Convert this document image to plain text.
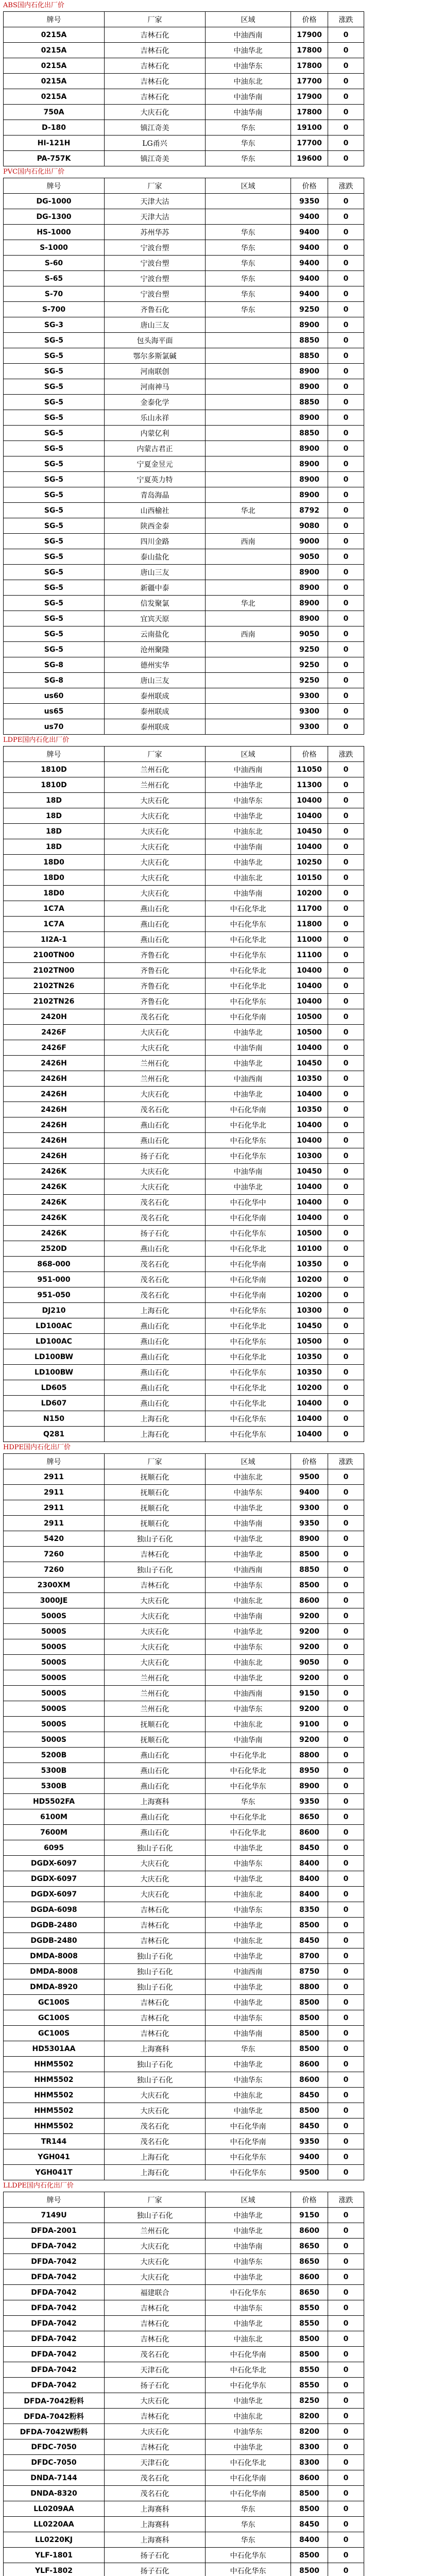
ABS国内石化出厂价
牌号	厂家	区域	价格	涨跌
0215A	吉林石化	中油西南	17900	0
0215A	吉林石化	中油华北	17800	0
0215A	吉林石化	中油华东	17800	0
0215A	吉林石化	中油东北	17700	0
0215A	吉林石化	中油华南	17900	0
750A	大庆石化	中油华南	17800	0
D-180	镇江奇美	华东	19100	0
HI-121H	LG甬兴	华东	17700	0
PA-757K	镇江奇美	华东	19600	0
PVC国内石化出厂价
牌号	厂家	区域	价格	涨跌
DG-1000	天津大沽		9350	0
DG-1300	天津大沽		9400	0
HS-1000	苏州华苏	华东	9400	0
S-1000	宁波台塑	华东	9400	0
S-60	宁波台塑	华东	9400	0
S-65	宁波台塑	华东	9400	0
S-70	宁波台塑	华东	9400	0
S-700	齐鲁石化	华东	9250	0
SG-3	唐山三友		8900	0
SG-5	包头海平面		8850	0
SG-5	鄂尔多斯氯碱		8850	0
SG-5	河南联创		8900	0
SG-5	河南神马		8900	0
SG-5	金泰化学		8850	0
SG-5	乐山永祥		8900	0
SG-5	内蒙亿利		8850	0
SG-5	内蒙古君正		8900	0
SG-5	宁夏金昱元		8900	0
SG-5	宁夏英力特		8900	0
SG-5	青岛海晶		8900	0
SG-5	山西榆社	华北	8792	0
SG-5	陕西金泰		9080	0
SG-5	四川金路	西南	9000	0
SG-5	泰山盐化		9050	0
SG-5	唐山三友		8900	0
SG-5	新疆中泰		8900	0
SG-5	信发聚氯	华北	8900	0
SG-5	宜宾天原		8900	0
SG-5	云南盐化	西南	9050	0
SG-5	沧州聚隆		9250	0
SG-8	德州实华		9250	0
SG-8	唐山三友		9250	0
us60	泰州联成		9300	0
us65	泰州联成		9300	0
us70	泰州联成		9300	0
LDPE国内石化出厂价
牌号	厂家	区域	价格	涨跌
1810D	兰州石化	中油西南	11050	0
1810D	兰州石化	中油华北	11300	0
18D	大庆石化	中油华东	10400	0
18D	大庆石化	中油华北	10400	0
18D	大庆石化	中油东北	10450	0
18D	大庆石化	中油华南	10400	0
18D0	大庆石化	中油华北	10250	0
18D0	大庆石化	中油东北	10150	0
18D0	大庆石化	中油华南	10200	0
1C7A	燕山石化	中石化华北	11700	0
1C7A	燕山石化	中石化华东	11800	0
1I2A-1	燕山石化	中石化华北	11000	0
2100TN00	齐鲁石化	中石化华东	11100	0
2102TN00	齐鲁石化	中石化华北	10400	0
2102TN26	齐鲁石化	中石化华北	10400	0
2102TN26	齐鲁石化	中石化华东	10400	0
2420H	茂名石化	中石化华南	10500	0
2426F	大庆石化	中油华北	10500	0
2426F	大庆石化	中油华南	10400	0
2426H	兰州石化	中油华北	10450	0
2426H	兰州石化	中油西南	10350	0
2426H	大庆石化	中油华北	10400	0
2426H	茂名石化	中石化华南	10350	0
2426H	燕山石化	中石化华北	10400	0
2426H	燕山石化	中石化华东	10400	0
2426H	扬子石化	中石化华东	10300	0
2426K	大庆石化	中油华南	10450	0
2426K	大庆石化	中油华北	10400	0
2426K	茂名石化	中石化华中	10400	0
2426K	茂名石化	中石化华南	10400	0
2426K	扬子石化	中石化华东	10500	0
2520D	燕山石化	中石化华北	10100	0
868-000	茂名石化	中石化华南	10350	0
951-000	茂名石化	中石化华南	10200	0
951-050	茂名石化	中石化华南	10200	0
DJ210	上海石化	中石化华东	10300	0
LD100AC	燕山石化	中石化华北	10450	0
LD100AC	燕山石化	中石化华东	10500	0
LD100BW	燕山石化	中石化华北	10350	0
LD100BW	燕山石化	中石化华东	10350	0
LD605	燕山石化	中石化华北	10200	0
LD607	燕山石化	中石化华北	10400	0
N150	上海石化	中石化华东	10400	0
Q281	上海石化	中石化华东	10400	0
HDPE国内石化出厂价
牌号	厂家	区域	价格	涨跌
2911	抚顺石化	中油东北	9500	0
2911	抚顺石化	中油华东	9400	0
2911	抚顺石化	中油华北	9300	0
2911	抚顺石化	中油华南	9350	0
5420	独山子石化	中油华北	8900	0
7260	吉林石化	中油华北	8500	0
7260	独山子石化	中油西南	8850	0
2300XM	吉林石化	中油华东	8500	0
3000JE	大庆石化	中油东北	8600	0
5000S	大庆石化	中油华南	9200	0
5000S	大庆石化	中油华北	9200	0
5000S	大庆石化	中油华东	9200	0
5000S	大庆石化	中油东北	9050	0
5000S	兰州石化	中油华北	9200	0
5000S	兰州石化	中油西南	9150	0
5000S	兰州石化	中油华东	9200	0
5000S	抚顺石化	中油东北	9100	0
5000S	抚顺石化	中油华南	9200	0
5200B	燕山石化	中石化华北	8800	0
5300B	燕山石化	中石化华北	8950	0
5300B	燕山石化	中石化华东	8900	0
HD5502FA	上海赛科	华东	9350	0
6100M	燕山石化	中石化华北	8650	0
7600M	燕山石化	中石化华北	8600	0
6095	独山子石化	中油华北	8450	0
DGDX-6097	大庆石化	中油华东	8400	0
DGDX-6097	大庆石化	中油华北	8400	0
DGDX-6097	大庆石化	中油东北	8400	0
DGDA-6098	吉林石化	中油华东	8350	0
DGDB-2480	吉林石化	中油华北	8500	0
DGDB-2480	吉林石化	中油东北	8450	0
DMDA-8008	独山子石化	中油华北	8700	0
DMDA-8008	独山子石化	中油西南	8750	0
DMDA-8920	独山子石化	中油华北	8800	0
GC100S	吉林石化	中油华北	8500	0
GC100S	吉林石化	中油华东	8500	0
GC100S	吉林石化	中油华南	8500	0
HD5301AA	上海赛科	华东	8500	0
HHM5502	独山子石化	中油华北	8600	0
HHM5502	独山子石化	中油华东	8600	0
HHM5502	大庆石化	中油东北	8450	0
HHM5502	大庆石化	中油华北	8500	0
HHM5502	茂名石化	中石化华南	8450	0
TR144	茂名石化	中石化华南	9350	0
YGH041	上海石化	中石化华东	9400	0
YGH041T	上海石化	中石化华东	9500	0
LLDPE国内石化出厂价
牌号	厂家	区域	价格	涨跌
7149U	独山子石化	中油华北	9150	0
DFDA-2001	兰州石化	中油华北	8600	0
DFDA-7042	大庆石化	中油华南	8650	0
DFDA-7042	大庆石化	中油华东	8650	0
DFDA-7042	大庆石化	中油华北	8600	0
DFDA-7042	福建联合	中石化华东	8650	0
DFDA-7042	吉林石化	中油华东	8550	0
DFDA-7042	吉林石化	中油华北	8550	0
DFDA-7042	吉林石化	中油东北	8500	0
DFDA-7042	茂名石化	中石化华南	8500	0
DFDA-7042	天津石化	中石化华北	8550	0
DFDA-7042	扬子石化	中石化华东	8550	0
DFDA-7042粉料	大庆石化	中油华北	8250	0
DFDA-7042粉料	吉林石化	中油东北	8200	0
DFDA-7042W粉料	大庆石化	中油华东	8200	0
DFDC-7050	吉林石化	中油华北	8300	0
DFDC-7050	天津石化	中石化华北	8300	0
DNDA-7144	茂名石化	中石化华南	8600	0
DNDA-8320	茂名石化	中石化华南	8500	0
LL0209AA	上海赛科	华东	8500	0
LL0220AA	上海赛科	华东	8450	0
LL0220KJ	上海赛科	华东	8400	0
YLF-1801	扬子石化	中石化华东	8500	0
YLF-1802	扬子石化	中石化华东	8500	0
